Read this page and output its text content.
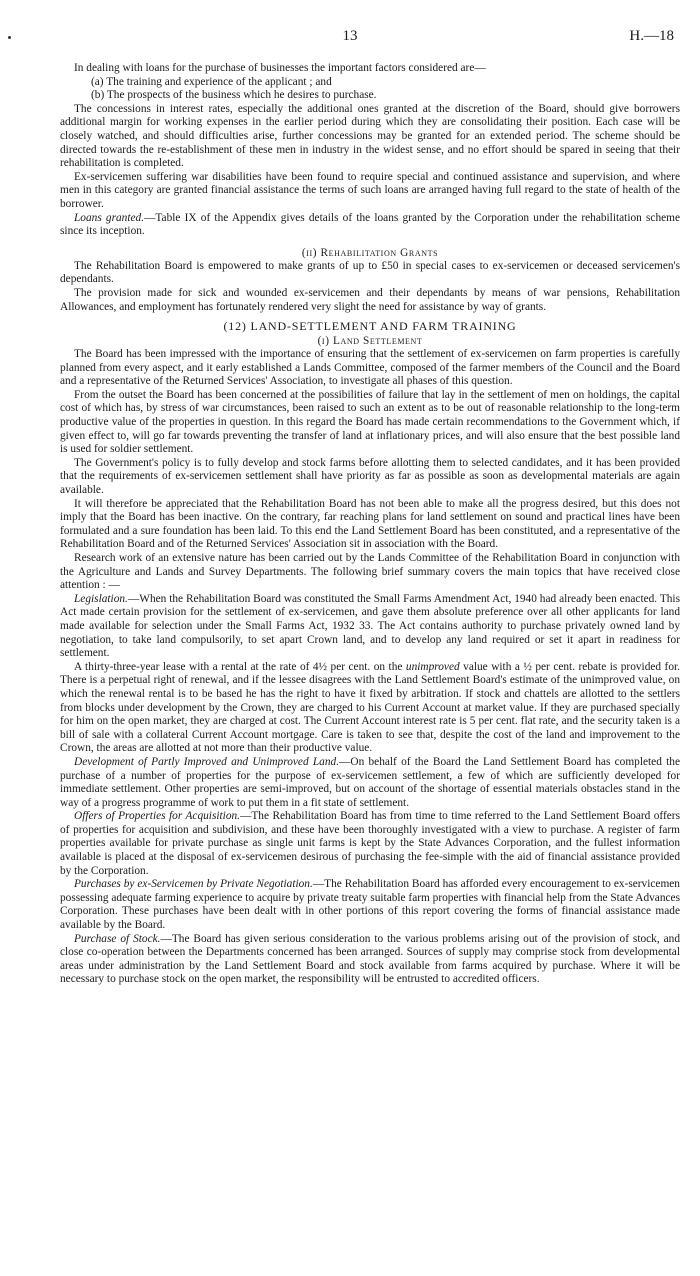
13	H.—18

In dealing with loans for the purchase of businesses the important factors considered are—

(a) The training and experience of the applicant ; and

(b) The prospects of the business which he desires to purchase.

The concessions in interest rates, especially the additional ones granted at the discretion of the Board, should give borrowers additional margin for working expenses in the earlier period during which they are consolidating their position. Each case will be closely watched, and should difficulties arise, further concessions may be granted for an extended period. The scheme should be directed towards the re-establishment of these men in industry in the widest sense, and no effort should be spared in seeing that their rehabilitation is completed.

Ex-servicemen suffering war disabilities have been found to require special and continued assistance and supervision, and where men in this category are granted financial assistance the terms of such loans are arranged having full regard to the state of health of the borrower.

Loans granted.—Table IX of the Appendix gives details of the loans granted by the Corporation under the rehabilitation scheme since its inception.

(ii) Rehabilitation Grants

The Rehabilitation Board is empowered to make grants of up to £50 in special cases to ex-servicemen or deceased servicemen's dependants.

The provision made for sick and wounded ex-servicemen and their dependants by means of war pensions, Rehabilitation Allowances, and employment has fortunately rendered very slight the need for assistance by way of grants.

(12) LAND-SETTLEMENT AND FARM TRAINING
(i) Land Settlement

The Board has been impressed with the importance of ensuring that the settlement of ex-servicemen on farm properties is carefully planned from every aspect, and it early established a Lands Committee, composed of the farmer members of the Council and the Board and a representative of the Returned Services' Association, to investigate all phases of this question.

From the outset the Board has been concerned at the possibilities of failure that lay in the settlement of men on holdings, the capital cost of which has, by stress of war circumstances, been raised to such an extent as to be out of reasonable relationship to the long-term productive value of the properties in question. In this regard the Board has made certain recommendations to the Government which, if given effect to, will go far towards preventing the transfer of land at inflationary prices, and will also ensure that the best possible land is used for soldier settlement.

The Government's policy is to fully develop and stock farms before allotting them to selected candidates, and it has been provided that the requirements of ex-servicemen settlement shall have priority as far as possible as soon as developmental materials are again available.

It will therefore be appreciated that the Rehabilitation Board has not been able to make all the progress desired, but this does not imply that the Board has been inactive. On the contrary, far reaching plans for land settlement on sound and practical lines have been formulated and a sure foundation has been laid. To this end the Land Settlement Board has been constituted, and a representative of the Rehabilitation Board and of the Returned Services' Association sit in association with the Board.

Research work of an extensive nature has been carried out by the Lands Committee of the Rehabilitation Board in conjunction with the Agriculture and Lands and Survey Departments. The following brief summary covers the main topics that have received close attention : —

Legislation.—When the Rehabilitation Board was constituted the Small Farms Amendment Act, 1940 had already been enacted. This Act made certain provision for the settlement of ex-servicemen, and gave them absolute preference over all other applicants for land made available for selection under the Small Farms Act, 1932 33. The Act contains authority to purchase privately owned land by negotiation, to take land compulsorily, to set apart Crown land, and to develop any land required or set it apart in readiness for settlement.

A thirty-three-year lease with a rental at the rate of 4½ per cent. on the unimproved value with a ½ per cent. rebate is provided for. There is a perpetual right of renewal, and if the lessee disagrees with the Land Settlement Board's estimate of the unimproved value, on which the renewal rental is to be based he has the right to have it fixed by arbitration. If stock and chattels are allotted to the settlers from blocks under development by the Crown, they are charged to his Current Account at market value. If they are purchased specially for him on the open market, they are charged at cost. The Current Account interest rate is 5 per cent. flat rate, and the security taken is a bill of sale with a collateral Current Account mortgage. Care is taken to see that, despite the cost of the land and improvement to the Crown, the areas are allotted at not more than their productive value.

Development of Partly Improved and Unimproved Land.—On behalf of the Board the Land Settlement Board has completed the purchase of a number of properties for the purpose of ex-servicemen settlement, a few of which are sufficiently developed for immediate settlement. Other properties are semi-improved, but on account of the shortage of essential materials obstacles stand in the way of a progress programme of work to put them in a fit state of settlement.

Offers of Properties for Acquisition.—The Rehabilitation Board has from time to time referred to the Land Settlement Board offers of properties for acquisition and subdivision, and these have been thoroughly investigated with a view to purchase. A register of farm properties available for private purchase as single unit farms is kept by the State Advances Corporation, and the fullest information available is placed at the disposal of ex-servicemen desirous of purchasing the fee-simple with the aid of financial assistance provided by the Corporation.

Purchases by ex-Servicemen by Private Negotiation.—The Rehabilitation Board has afforded every encouragement to ex-servicemen possessing adequate farming experience to acquire by private treaty suitable farm properties with financial help from the State Advances Corporation. These purchases have been dealt with in other portions of this report covering the forms of financial assistance made available by the Board.

Purchase of Stock.—The Board has given serious consideration to the various problems arising out of the provision of stock, and close co-operation between the Departments concerned has been arranged. Sources of supply may comprise stock from developmental areas under administration by the Land Settlement Board and stock available from farms acquired by purchase. Where it will be necessary to purchase stock on the open market, the responsibility will be entrusted to accredited officers.
